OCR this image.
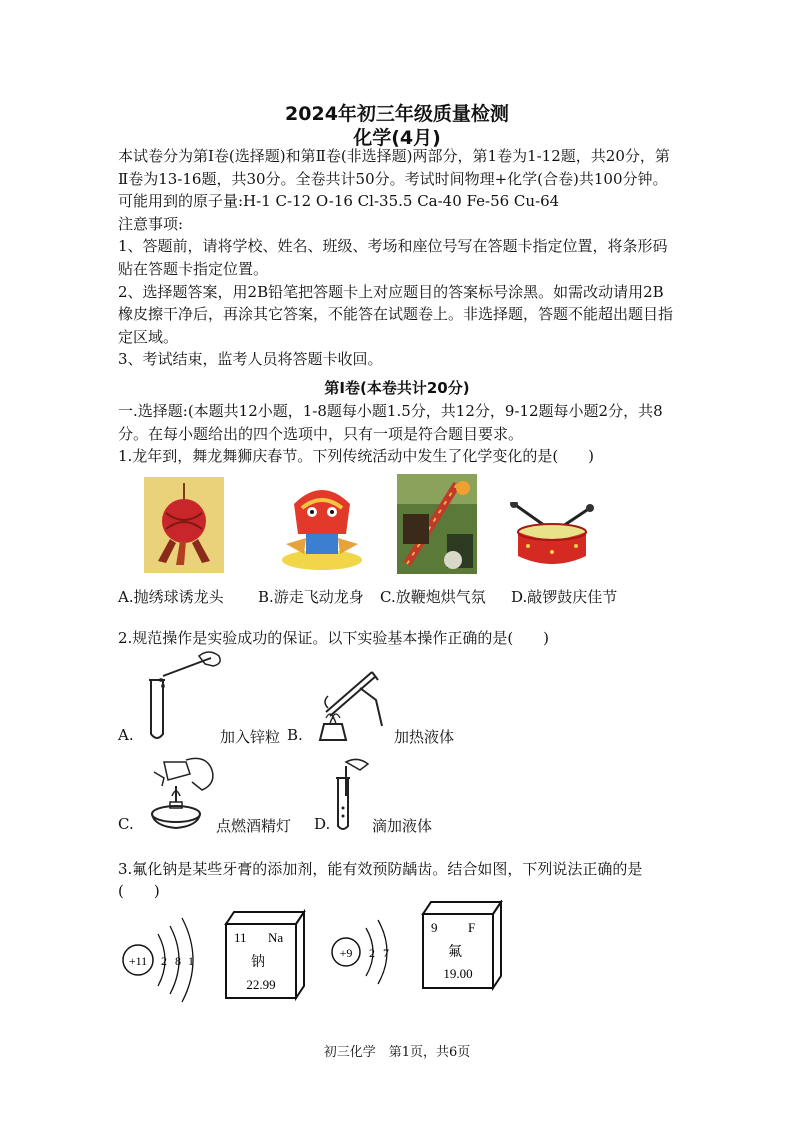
2024年初三年级质量检测
化学(4月)

本试卷分为第Ⅰ卷(选择题)和第Ⅱ卷(非选择题)两部分，第1卷为1-12题，共20分，第Ⅱ卷为13-16题，共30分。全卷共计50分。考试时间物理+化学(合卷)共100分钟。

可能用到的原子量:H-1 C-12 O-16 Cl-35.5 Ca-40 Fe-56 Cu-64

注意事项:

1、答题前，请将学校、姓名、班级、考场和座位号写在答题卡指定位置，将条形码贴在答题卡指定位置。

2、选择题答案，用2B铅笔把答题卡上对应题目的答案标号涂黑。如需改动请用2B橡皮擦干净后，再涂其它答案，不能答在试题卷上。非选择题，答题不能超出题目指定区域。

3、考试结束，监考人员将答题卡收回。

第Ⅰ卷(本卷共计20分)

一.选择题:(本题共12小题，1-8题每小题1.5分，共12分，9-12题每小题2分，共8分。在每小题给出的四个选项中，只有一项是符合题目要求。

1.龙年到，舞龙舞狮庆春节。下列传统活动中发生了化学变化的是(　　)

A.抛绣球诱龙头 B.游走飞动龙身 C.放鞭炮烘气氛 D.敲锣鼓庆佳节
2.规范操作是实验成功的保证。以下实验基本操作正确的是(　　)
A.	加入锌粒 B.	加热液体
C.	点燃酒精灯 D.	滴加液体
3.氟化钠是某些牙膏的添加剂，能有效预防龋齿。结合如图，下列说法正确的是
(　　)
+11 2 8 1
11 Na
钠
22.99
+9 2 7
9 F
氟
19.00
初三化学　第1页，共6页
